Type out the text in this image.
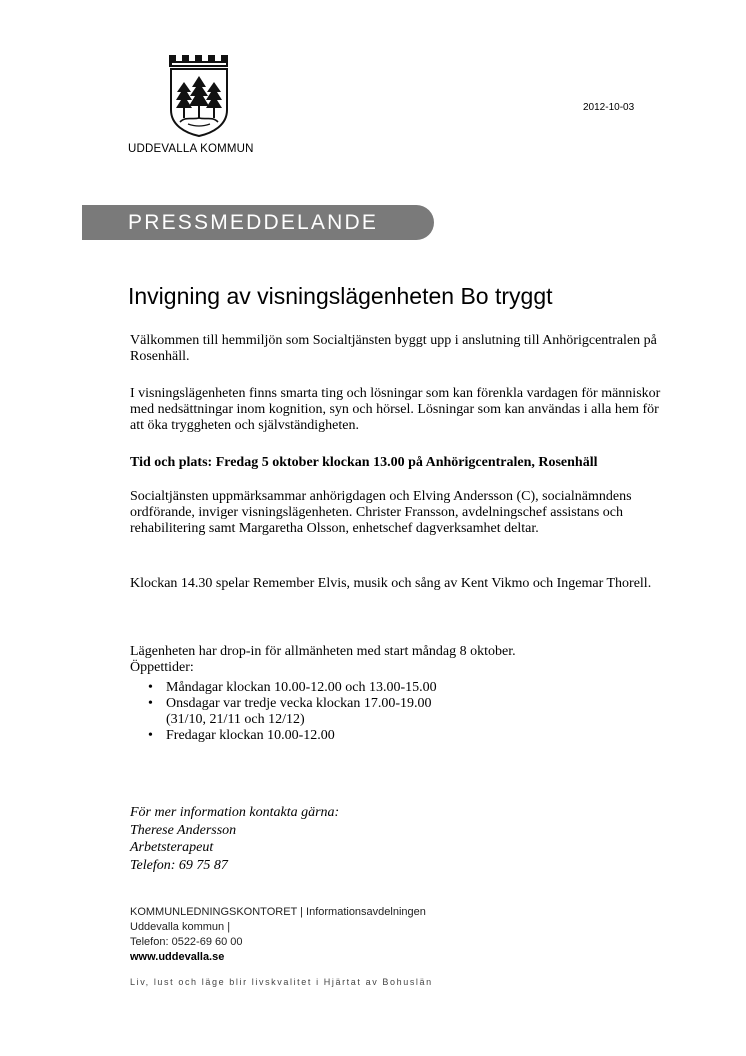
UDDEVALLA KOMMUN
2012-10-03
PRESSMEDDELANDE
Invigning av visningslägenheten Bo tryggt
Välkommen till hemmiljön som Socialtjänsten byggt upp i anslutning till Anhörigcentralen på Rosenhäll.
I visningslägenheten finns smarta ting och lösningar som kan förenkla vardagen för människor med nedsättningar inom kognition, syn och hörsel. Lösningar som kan användas i alla hem för att öka tryggheten och självständigheten.
Tid och plats: Fredag 5 oktober klockan 13.00 på Anhörigcentralen, Rosenhäll
Socialtjänsten uppmärksammar anhörigdagen och Elving Andersson (C), socialnämndens ordförande, inviger visningslägenheten. Christer Fransson, avdelningschef assistans och rehabilitering samt Margaretha Olsson, enhetschef dagverksamhet deltar.
Klockan 14.30 spelar Remember Elvis, musik och sång av Kent Vikmo och Ingemar Thorell.
Lägenheten har drop-in för allmänheten med start måndag 8 oktober.
Öppettider:
• Måndagar klockan 10.00-12.00 och 13.00-15.00
• Onsdagar var tredje vecka klockan 17.00-19.00
(31/10, 21/11 och 12/12)
• Fredagar klockan 10.00-12.00
För mer information kontakta gärna:
Therese Andersson
Arbetsterapeut
Telefon: 69 75 87
KOMMUNLEDNINGSKONTORET | Informationsavdelningen
Uddevalla kommun |
Telefon: 0522-69 60 00
www.uddevalla.se
Liv, lust och läge blir livskvalitet i Hjärtat av Bohuslän
